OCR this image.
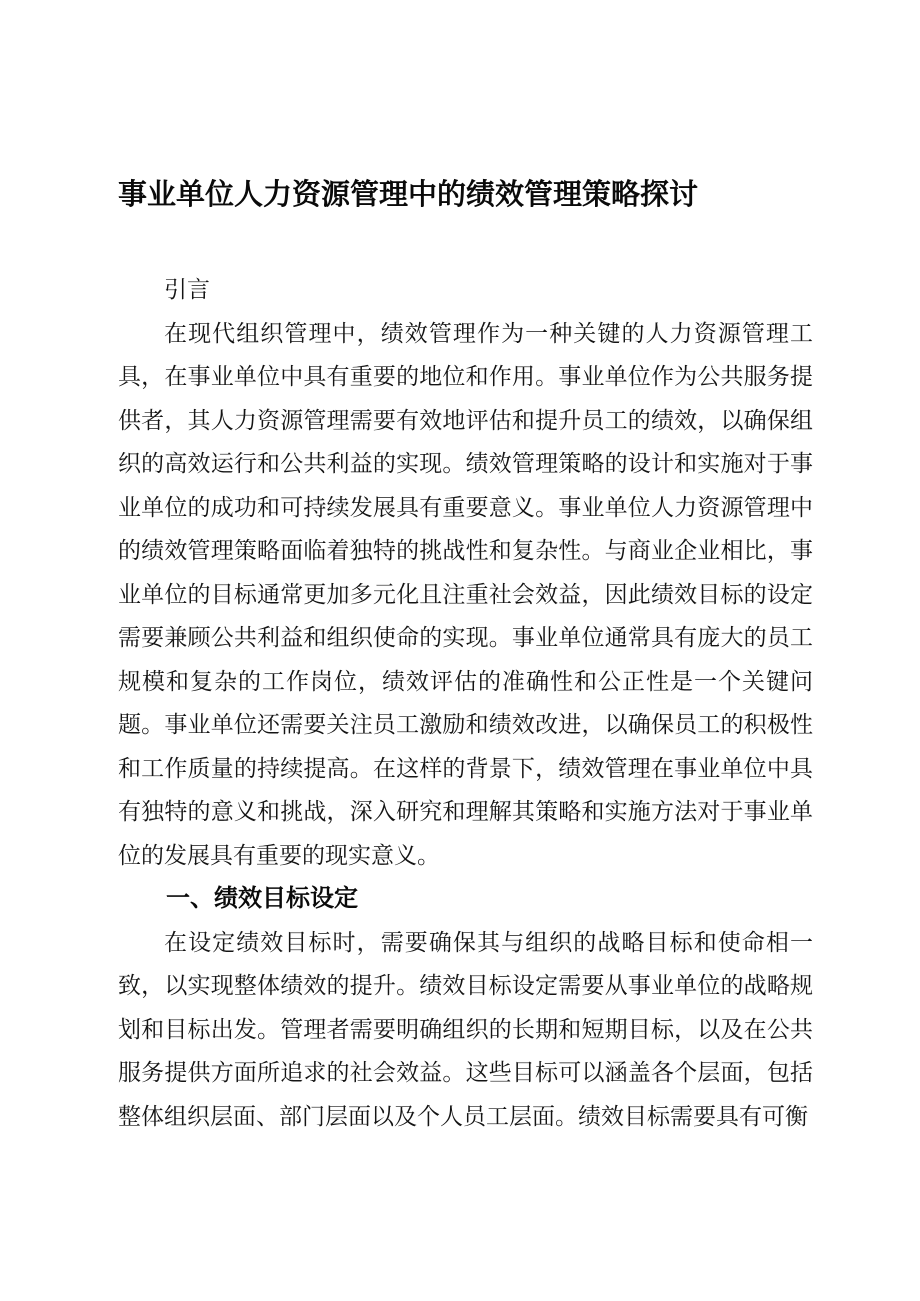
事业单位人力资源管理中的绩效管理策略探讨

引言

在现代组织管理中，绩效管理作为一种关键的人力资源管理工具，在事业单位中具有重要的地位和作用。事业单位作为公共服务提供者，其人力资源管理需要有效地评估和提升员工的绩效，以确保组织的高效运行和公共利益的实现。绩效管理策略的设计和实施对于事业单位的成功和可持续发展具有重要意义。事业单位人力资源管理中的绩效管理策略面临着独特的挑战性和复杂性。与商业企业相比，事业单位的目标通常更加多元化且注重社会效益，因此绩效目标的设定需要兼顾公共利益和组织使命的实现。事业单位通常具有庞大的员工规模和复杂的工作岗位，绩效评估的准确性和公正性是一个关键问题。事业单位还需要关注员工激励和绩效改进，以确保员工的积极性和工作质量的持续提高。在这样的背景下，绩效管理在事业单位中具有独特的意义和挑战，深入研究和理解其策略和实施方法对于事业单位的发展具有重要的现实意义。

一、绩效目标设定

在设定绩效目标时，需要确保其与组织的战略目标和使命相一致，以实现整体绩效的提升。绩效目标设定需要从事业单位的战略规划和目标出发。管理者需要明确组织的长期和短期目标，以及在公共服务提供方面所追求的社会效益。这些目标可以涵盖各个层面，包括整体组织层面、部门层面以及个人员工层面。绩效目标需要具有可衡
